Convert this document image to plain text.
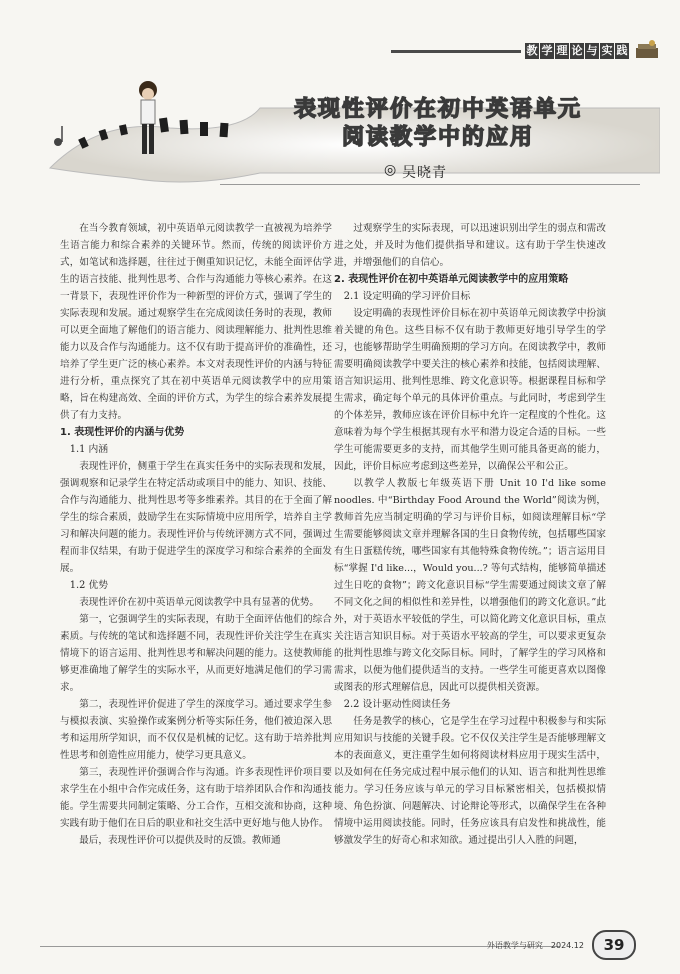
教 学 理 论 与 实 践
表现性评价在初中英语单元
阅读教学中的应用
◎ 吴晓青

在当今教育领域，初中英语单元阅读教学一直被视为培养学生语言能力和综合素养的关键环节。然而，传统的阅读评价方式，如笔试和选择题，往往过于侧重知识记忆，未能全面评估学生的语言技能、批判性思考、合作与沟通能力等核心素养。在这一背景下，表现性评价作为一种新型的评价方式，强调了学生的实际表现和发展。通过观察学生在完成阅读任务时的表现，教师可以更全面地了解他们的语言能力、阅读理解能力、批判性思维能力以及合作与沟通能力。这不仅有助于提高评价的准确性，还培养了学生更广泛的核心素养。本文对表现性评价的内涵与特征进行分析，重点探究了其在初中英语单元阅读教学中的应用策略，旨在构建高效、全面的评价方式，为学生的综合素养发展提供了有力支持。

1. 表现性评价的内涵与优势
1.1 内涵

表现性评价，侧重于学生在真实任务中的实际表现和发展，强调观察和记录学生在特定活动或项目中的能力、知识、技能、合作与沟通能力、批判性思考等多维素养。其目的在于全面了解学生的综合素质，鼓励学生在实际情境中应用所学，培养自主学习和解决问题的能力。表现性评价与传统评测方式不同，强调过程而非仅结果，有助于促进学生的深度学习和综合素养的全面发展。

1.2 优势

表现性评价在初中英语单元阅读教学中具有显著的优势。

第一，它强调学生的实际表现，有助于全面评估他们的综合素质。与传统的笔试和选择题不同，表现性评价关注学生在真实情境下的语言运用、批判性思考和解决问题的能力。这使教师能够更准确地了解学生的实际水平，从而更好地满足他们的学习需求。

第二，表现性评价促进了学生的深度学习。通过要求学生参与模拟表演、实验操作或案例分析等实际任务，他们被迫深入思考和运用所学知识，而不仅仅是机械的记忆。这有助于培养批判性思考和创造性应用能力，使学习更具意义。

第三，表现性评价强调合作与沟通。许多表现性评价项目要求学生在小组中合作完成任务，这有助于培养团队合作和沟通技能。学生需要共同制定策略、分工合作，互相交流和协商，这种实践有助于他们在日后的职业和社交生活中更好地与他人协作。

最后，表现性评价可以提供及时的反馈。教师通

过观察学生的实际表现，可以迅速识别出学生的弱点和需改进之处，并及时为他们提供指导和建议。这有助于学生快速改进，并增强他们的自信心。

2. 表现性评价在初中英语单元阅读教学中的应用策略
2.1 设定明确的学习评价目标

设定明确的表现性评价目标在初中英语单元阅读教学中扮演着关键的角色。这些目标不仅有助于教师更好地引导学生的学习，也能够帮助学生明确预期的学习方向。在阅读教学中，教师需要明确阅读教学中要关注的核心素养和技能，包括阅读理解、语言知识运用、批判性思维、跨文化意识等。根据课程目标和学生需求，确定每个单元的具体评价重点。与此同时，考虑到学生的个体差异，教师应该在评价目标中允许一定程度的个性化。这意味着为每个学生根据其现有水平和潜力设定合适的目标。一些学生可能需要更多的支持，而其他学生则可能具备更高的能力，因此，评价目标应考虑到这些差异，以确保公平和公正。

以教学人教版七年级英语下册 Unit 10 I'd like some noodles. 中“Birthday Food Around the World”阅读为例，教师首先应当制定明确的学习与评价目标，如阅读理解目标“学生需要能够阅读文章并理解各国的生日食物传统，包括哪些国家有生日蛋糕传统，哪些国家有其他特殊食物传统。”；语言运用目标“掌握 I'd like...，Would you...? 等句式结构，能够简单描述过生日吃的食物”；跨文化意识目标“学生需要通过阅读文章了解不同文化之间的相似性和差异性，以增强他们的跨文化意识。”此外，对于英语水平较低的学生，可以简化跨文化意识目标，重点关注语言知识目标。对于英语水平较高的学生，可以要求更复杂的批判性思维与跨文化交际目标。同时，了解学生的学习风格和需求，以便为他们提供适当的支持。一些学生可能更喜欢以图像或图表的形式理解信息，因此可以提供相关资源。

2.2 设计驱动性阅读任务

任务是教学的核心，它是学生在学习过程中积极参与和实际应用知识与技能的关键手段。它不仅仅关注学生是否能够理解文本的表面意义，更注重学生如何将阅读材料应用于现实生活中，以及如何在任务完成过程中展示他们的认知、语言和批判性思维能力。学习任务应该与单元的学习目标紧密相关，包括模拟情境、角色扮演、问题解决、讨论辩论等形式，以确保学生在各种情境中运用阅读技能。同时，任务应该具有启发性和挑战性，能够激发学生的好奇心和求知欲。通过提出引人入胜的问题，

外语教学与研究 2024.12	39
